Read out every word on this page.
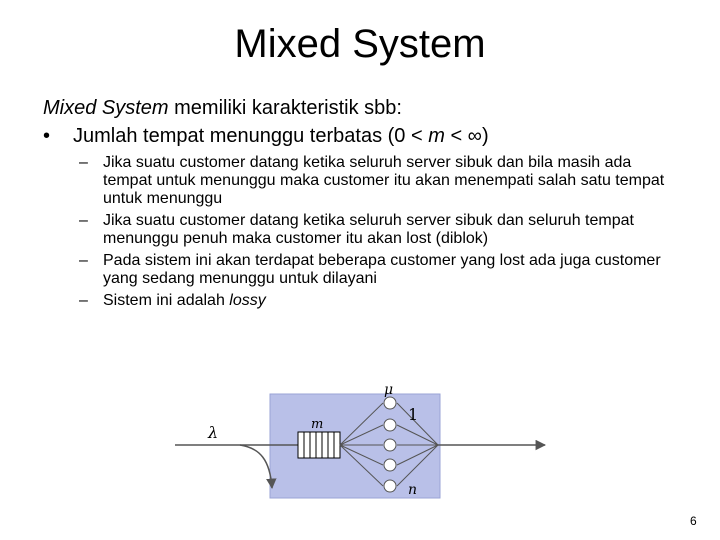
Mixed System

Mixed System memiliki karakteristik sbb:

• Jumlah tempat menunggu terbatas (0 < m < ∞)
– Jika suatu customer datang ketika seluruh server sibuk dan bila masih ada tempat untuk menunggu maka customer itu akan menempati salah satu tempat untuk menunggu
– Jika suatu customer datang ketika seluruh server sibuk dan seluruh tempat menunggu penuh maka customer itu akan lost (diblok)
– Pada sistem ini akan terdapat beberapa customer yang lost ada juga customer yang sedang menunggu untuk dilayani
– Sistem ini adalah lossy
λ	m
μ
1
n
6
